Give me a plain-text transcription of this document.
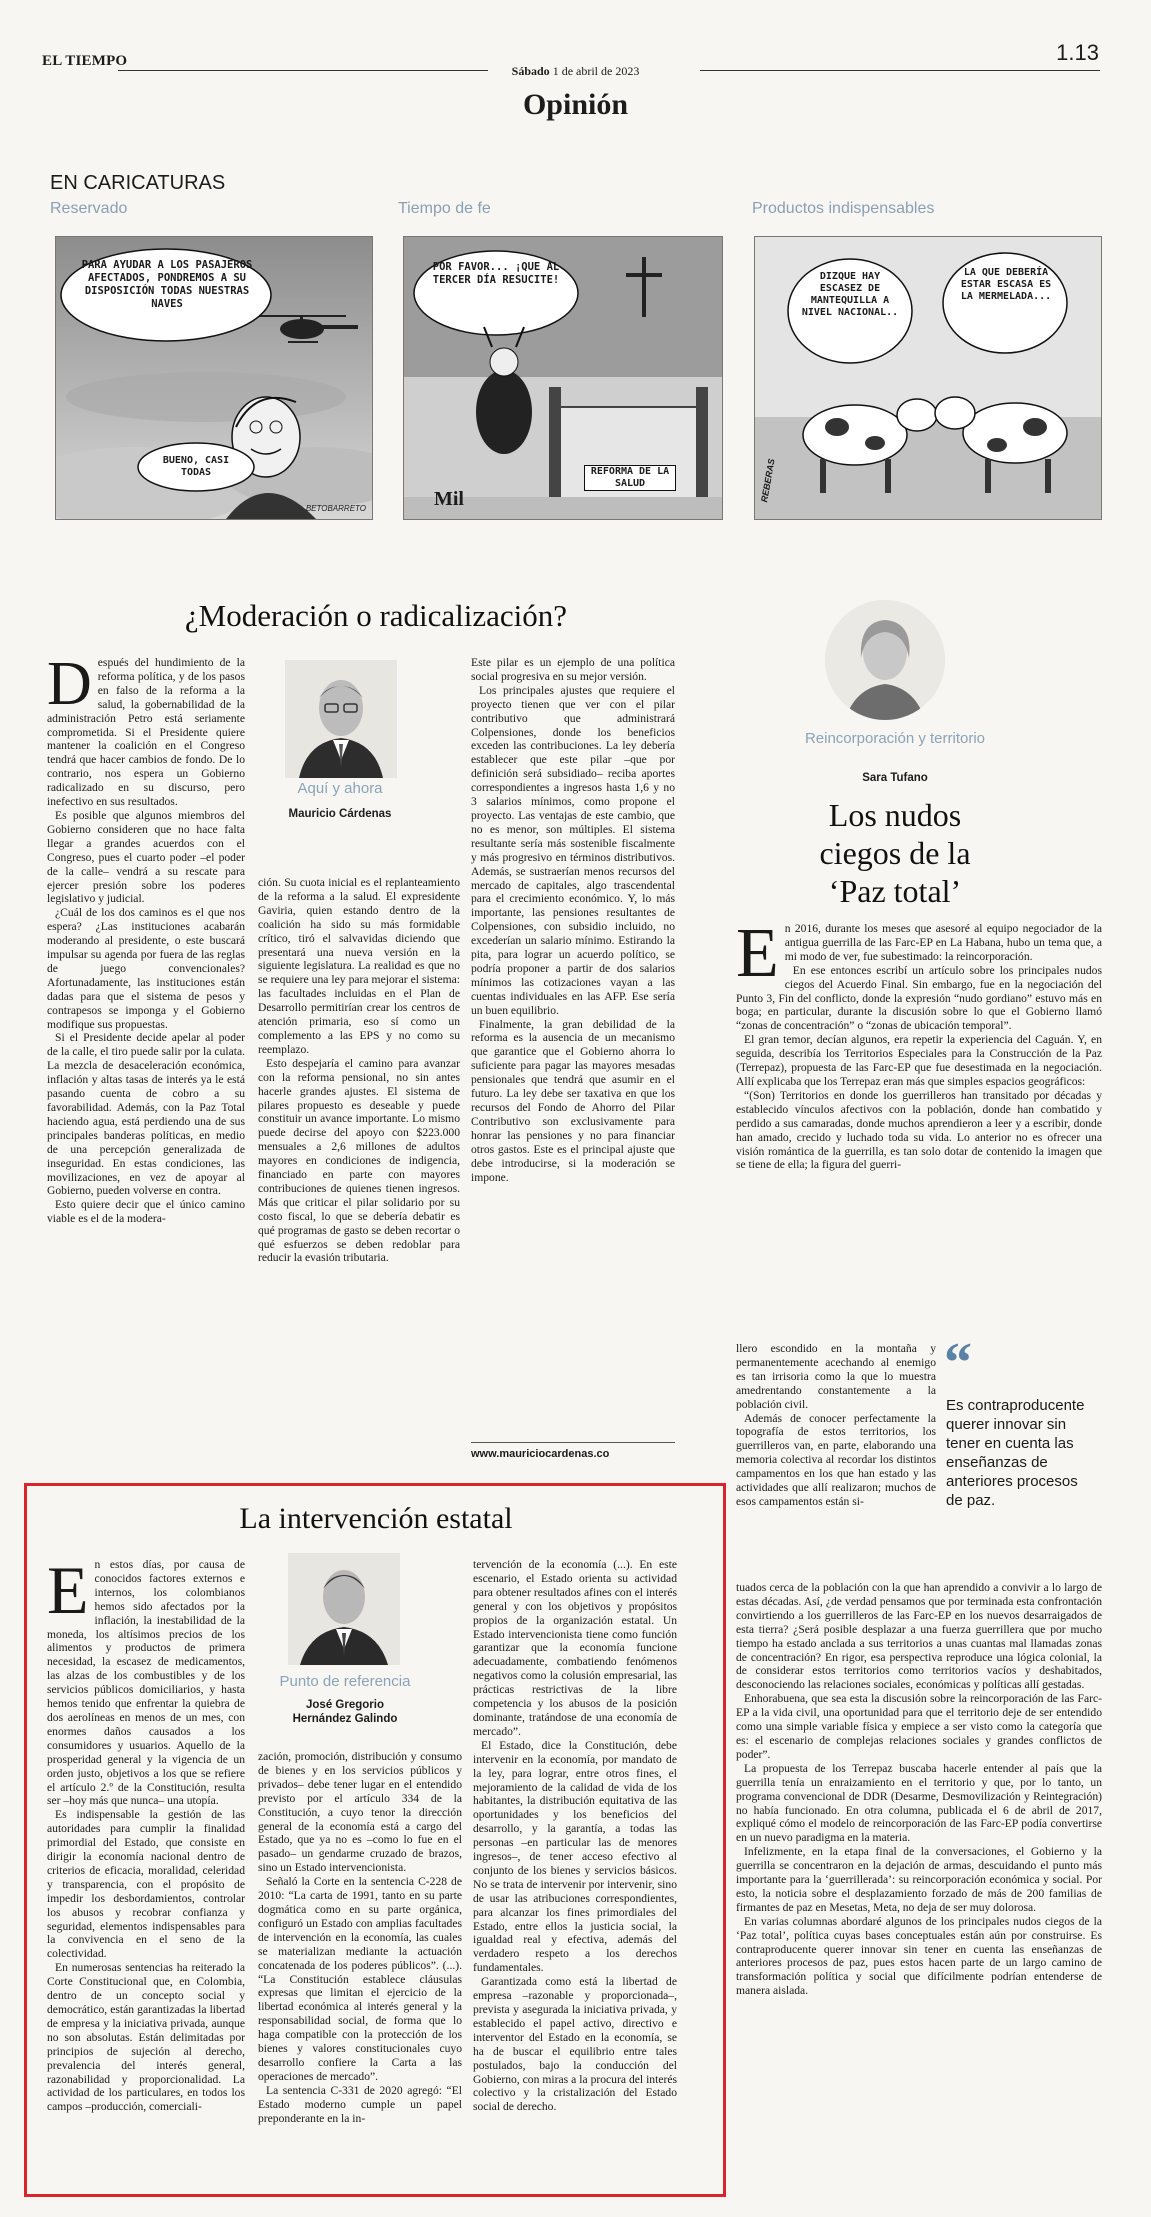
EL TIEMPO
Sábado 1 de abril de 2023
1.13
Opinión
EN CARICATURAS
Reservado	Tiempo de fe	Productos indispensables
PARA AYUDAR A LOS PASAJEROS AFECTADOS, PONDREMOS A SU DISPOSICIÓN TODAS NUESTRAS NAVES
BUENO, CASI TODAS
BETOBARRETO
POR FAVOR... ¡QUE AL TERCER DÍA RESUCITE!
REFORMA DE LA SALUD
Mil
DIZQUE HAY ESCASEZ DE MANTEQUILLA A NIVEL NACIONAL..
LA QUE DEBERÍA ESTAR ESCASA ES LA MERMELADA...
REBERAS
¿Moderación o radicalización?
D espués del hundimiento de la reforma política, y de los pasos en falso de la reforma a la salud, la gobernabilidad de la administración Petro está seriamente comprometida. Si el Presidente quiere mantener la coalición en el Congreso tendrá que hacer cambios de fondo. De lo contrario, nos espera un Gobierno radicalizado en su discurso, pero inefectivo en sus resultados.

Es posible que algunos miembros del Gobierno consideren que no hace falta llegar a grandes acuerdos con el Congreso, pues el cuarto poder –el poder de la calle– vendrá a su rescate para ejercer presión sobre los poderes legislativo y judicial.

¿Cuál de los dos caminos es el que nos espera? ¿Las instituciones acabarán moderando al presidente, o este buscará impulsar su agenda por fuera de las reglas de juego convencionales? Afortunadamente, las instituciones están dadas para que el sistema de pesos y contrapesos se imponga y el Gobierno modifique sus propuestas.

Si el Presidente decide apelar al poder de la calle, el tiro puede salir por la culata. La mezcla de desaceleración económica, inflación y altas tasas de interés ya le está pasando cuenta de cobro a su favorabilidad. Además, con la Paz Total haciendo agua, está perdiendo una de sus principales banderas políticas, en medio de una percepción generalizada de inseguridad. En estas condiciones, las movilizaciones, en vez de apoyar al Gobierno, pueden volverse en contra.

Esto quiere decir que el único camino viable es el de la modera-

Aquí y ahora
Mauricio Cárdenas

ción. Su cuota inicial es el replanteamiento de la reforma a la salud. El expresidente Gaviria, quien estando dentro de la coalición ha sido su más formidable crítico, tiró el salvavidas diciendo que presentará una nueva versión en la siguiente legislatura. La realidad es que no se requiere una ley para mejorar el sistema: las facultades incluidas en el Plan de Desarrollo permitirían crear los centros de atención primaria, eso sí como un complemento a las EPS y no como su reemplazo.

Esto despejaría el camino para avanzar con la reforma pensional, no sin antes hacerle grandes ajustes. El sistema de pilares propuesto es deseable y puede constituir un avance importante. Lo mismo puede decirse del apoyo con $223.000 mensuales a 2,6 millones de adultos mayores en condiciones de indigencia, financiado en parte con mayores contribuciones de quienes tienen ingresos. Más que criticar el pilar solidario por su costo fiscal, lo que se debería debatir es qué programas de gasto se deben recortar o qué esfuerzos se deben redoblar para reducir la evasión tributaria.

Este pilar es un ejemplo de una política social progresiva en su mejor versión.

Los principales ajustes que requiere el proyecto tienen que ver con el pilar contributivo que administrará Colpensiones, donde los beneficios exceden las contribuciones. La ley debería establecer que este pilar –que por definición será subsidiado– reciba aportes correspondientes a ingresos hasta 1,6 y no 3 salarios mínimos, como propone el proyecto. Las ventajas de este cambio, que no es menor, son múltiples. El sistema resultante sería más sostenible fiscalmente y más progresivo en términos distributivos. Además, se sustraerían menos recursos del mercado de capitales, algo trascendental para el crecimiento económico. Y, lo más importante, las pensiones resultantes de Colpensiones, con subsidio incluido, no excederían un salario mínimo. Estirando la pita, para lograr un acuerdo político, se podría proponer a partir de dos salarios mínimos las cotizaciones vayan a las cuentas individuales en las AFP. Ese sería un buen equilibrio.

Finalmente, la gran debilidad de la reforma es la ausencia de un mecanismo que garantice que el Gobierno ahorra lo suficiente para pagar las mayores mesadas pensionales que tendrá que asumir en el futuro. La ley debe ser taxativa en que los recursos del Fondo de Ahorro del Pilar Contributivo son exclusivamente para honrar las pensiones y no para financiar otros gastos. Este es el principal ajuste que debe introducirse, si la moderación se impone.

www.mauriciocardenas.co
Reincorporación y territorio
Sara Tufano
Los nudos
ciegos de la
‘Paz total’
E n 2016, durante los meses que asesoré al equipo negociador de la antigua guerrilla de las Farc-EP en La Habana, hubo un tema que, a mi modo de ver, fue subestimado: la reincorporación.

En ese entonces escribí un artículo sobre los principales nudos ciegos del Acuerdo Final. Sin embargo, fue en la negociación del Punto 3, Fin del conflicto, donde la expresión “nudo gordiano” estuvo más en boga; en particular, durante la discusión sobre lo que el Gobierno llamó “zonas de concentración” o “zonas de ubicación temporal”.

El gran temor, decían algunos, era repetir la experiencia del Caguán. Y, en seguida, describía los Territorios Especiales para la Construcción de la Paz (Terrepaz), propuesta de las Farc-EP que fue desestimada en la negociación. Allí explicaba que los Terrepaz eran más que simples espacios geográficos:

“(Son) Territorios en donde los guerrilleros han transitado por décadas y establecido vínculos afectivos con la población, donde han combatido y perdido a sus camaradas, donde muchos aprendieron a leer y a escribir, donde han amado, crecido y luchado toda su vida. Lo anterior no es ofrecer una visión romántica de la guerrilla, es tan solo dotar de contenido la imagen que se tiene de ella; la figura del guerri-

llero escondido en la montaña y permanentemente acechando al enemigo es tan irrisoria como la que lo muestra amedrentando constantemente a la población civil.

Además de conocer perfectamente la topografía de estos territorios, los guerrilleros van, en parte, elaborando una memoria colectiva al recordar los distintos campamentos en los que han estado y las actividades que allí realizaron; muchos de esos campamentos están si-

“
Es contraproducente querer innovar sin tener en cuenta las enseñanzas de anteriores procesos de paz.

tuados cerca de la población con la que han aprendido a convivir a lo largo de estas décadas. Así, ¿de verdad pensamos que por terminada esta confrontación convirtiendo a los guerrilleros de las Farc-EP en los nuevos desarraigados de esta tierra? ¿Será posible desplazar a una fuerza guerrillera que por mucho tiempo ha estado anclada a sus territorios a unas cuantas mal llamadas zonas de concentración? En rigor, esa perspectiva reproduce una lógica colonial, la de considerar estos territorios como territorios vacíos y deshabitados, desconociendo las relaciones sociales, económicas y políticas allí gestadas.

Enhorabuena, que sea esta la discusión sobre la reincorporación de las Farc-EP a la vida civil, una oportunidad para que el territorio deje de ser entendido como una simple variable física y empiece a ser visto como la categoría que es: el escenario de complejas relaciones sociales y grandes conflictos de poder”.

La propuesta de los Terrepaz buscaba hacerle entender al país que la guerrilla tenía un enraizamiento en el territorio y que, por lo tanto, un programa convencional de DDR (Desarme, Desmovilización y Reintegración) no había funcionado. En otra columna, publicada el 6 de abril de 2017, expliqué cómo el modelo de reincorporación de las Farc-EP podía convertirse en un nuevo paradigma en la materia.

Infelizmente, en la etapa final de la conversaciones, el Gobierno y la guerrilla se concentraron en la dejación de armas, descuidando el punto más importante para la ‘guerrillerada’: su reincorporación económica y social. Por esto, la noticia sobre el desplazamiento forzado de más de 200 familias de firmantes de paz en Mesetas, Meta, no deja de ser muy dolorosa.

En varias columnas abordaré algunos de los principales nudos ciegos de la ‘Paz total’, política cuyas bases conceptuales están aún por construirse. Es contraproducente querer innovar sin tener en cuenta las enseñanzas de anteriores procesos de paz, pues estos hacen parte de un largo camino de transformación política y social que difícilmente podrían entenderse de manera aislada.

La intervención estatal
E n estos días, por causa de conocidos factores externos e internos, los colombianos hemos sido afectados por la inflación, la inestabilidad de la moneda, los altísimos precios de los alimentos y productos de primera necesidad, la escasez de medicamentos, las alzas de los combustibles y de los servicios públicos domiciliarios, y hasta hemos tenido que enfrentar la quiebra de dos aerolíneas en menos de un mes, con enormes daños causados a los consumidores y usuarios. Aquello de la prosperidad general y la vigencia de un orden justo, objetivos a los que se refiere el artículo 2.º de la Constitución, resulta ser –hoy más que nunca– una utopía.

Es indispensable la gestión de las autoridades para cumplir la finalidad primordial del Estado, que consiste en dirigir la economía nacional dentro de criterios de eficacia, moralidad, celeridad y transparencia, con el propósito de impedir los desbordamientos, controlar los abusos y recobrar confianza y seguridad, elementos indispensables para la convivencia en el seno de la colectividad.

En numerosas sentencias ha reiterado la Corte Constitucional que, en Colombia, dentro de un concepto social y democrático, están garantizadas la libertad de empresa y la iniciativa privada, aunque no son absolutas. Están delimitadas por principios de sujeción al derecho, prevalencia del interés general, razonabilidad y proporcionalidad. La actividad de los particulares, en todos los campos –producción, comerciali-

Punto de referencia
José Gregorio
Hernández Galindo

zación, promoción, distribución y consumo de bienes y en los servicios públicos y privados– debe tener lugar en el entendido previsto por el artículo 334 de la Constitución, a cuyo tenor la dirección general de la economía está a cargo del Estado, que ya no es –como lo fue en el pasado– un gendarme cruzado de brazos, sino un Estado intervencionista.

Señaló la Corte en la sentencia C-228 de 2010: “La carta de 1991, tanto en su parte dogmática como en su parte orgánica, configuró un Estado con amplias facultades de intervención en la economía, las cuales se materializan mediante la actuación concatenada de los poderes públicos”. (...). “La Constitución establece cláusulas expresas que limitan el ejercicio de la libertad económica al interés general y la responsabilidad social, de forma que lo haga compatible con la protección de los bienes y valores constitucionales cuyo desarrollo confiere la Carta a las operaciones de mercado”.

La sentencia C-331 de 2020 agregó: “El Estado moderno cumple un papel preponderante en la in-

tervención de la economía (...). En este escenario, el Estado orienta su actividad para obtener resultados afines con el interés general y con los objetivos y propósitos propios de la organización estatal. Un Estado intervencionista tiene como función garantizar que la economía funcione adecuadamente, combatiendo fenómenos negativos como la colusión empresarial, las prácticas restrictivas de la libre competencia y los abusos de la posición dominante, tratándose de una economía de mercado”.

El Estado, dice la Constitución, debe intervenir en la economía, por mandato de la ley, para lograr, entre otros fines, el mejoramiento de la calidad de vida de los habitantes, la distribución equitativa de las oportunidades y los beneficios del desarrollo, y la garantía, a todas las personas –en particular las de menores ingresos–, de tener acceso efectivo al conjunto de los bienes y servicios básicos. No se trata de intervenir por intervenir, sino de usar las atribuciones correspondientes, para alcanzar los fines primordiales del Estado, entre ellos la justicia social, la igualdad real y efectiva, además del verdadero respeto a los derechos fundamentales.

Garantizada como está la libertad de empresa –razonable y proporcionada–, prevista y asegurada la iniciativa privada, y establecido el papel activo, directivo e interventor del Estado en la economía, se ha de buscar el equilibrio entre tales postulados, bajo la conducción del Gobierno, con miras a la procura del interés colectivo y la cristalización del Estado social de derecho.
